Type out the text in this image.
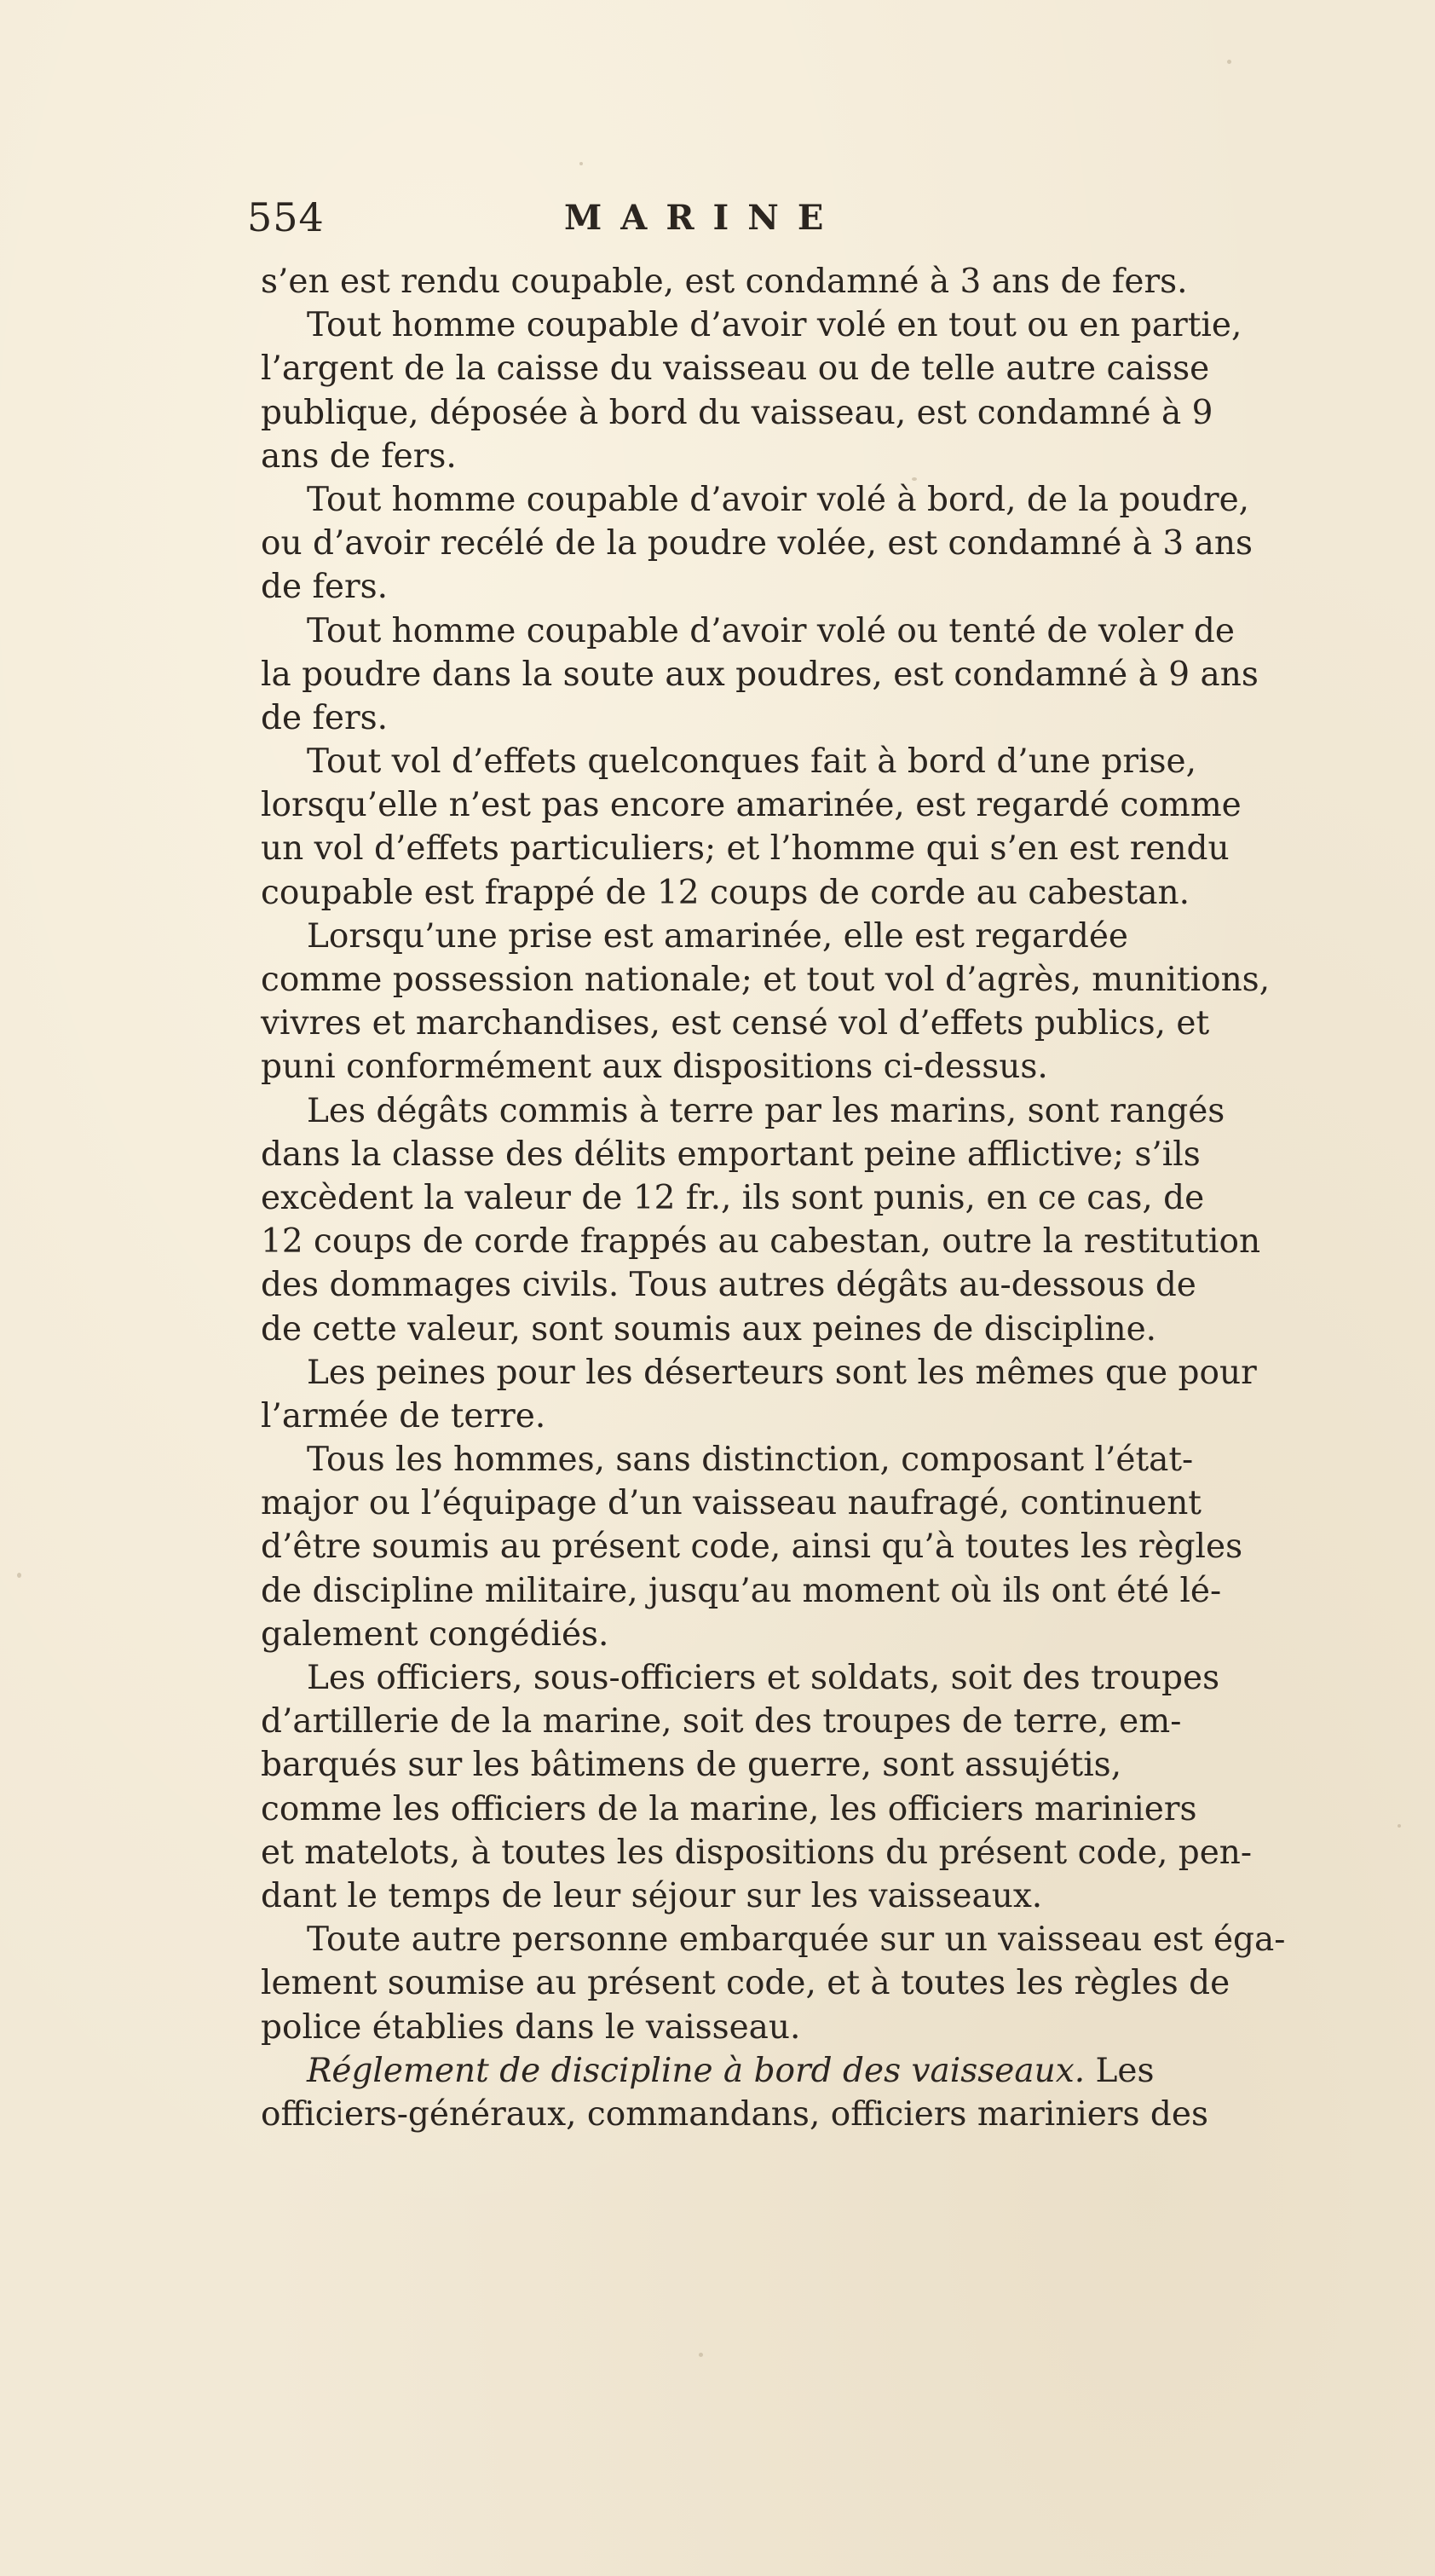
554	MARINE
s’en est rendu coupable, est condamné à 3 ans de fers.
Tout homme coupable d’avoir volé en tout ou en partie,
l’argent de la caisse du vaisseau ou de telle autre caisse
publique, déposée à bord du vaisseau, est condamné à 9
ans de fers.
Tout homme coupable d’avoir volé à bord, de la poudre,
ou d’avoir recélé de la poudre volée, est condamné à 3 ans
de fers.
Tout homme coupable d’avoir volé ou tenté de voler de
la poudre dans la soute aux poudres, est condamné à 9 ans
de fers.
Tout vol d’effets quelconques fait à bord d’une prise,
lorsqu’elle n’est pas encore amarinée, est regardé comme
un vol d’effets particuliers; et l’homme qui s’en est rendu
coupable est frappé de 12 coups de corde au cabestan.
Lorsqu’une prise est amarinée, elle est regardée
comme possession nationale; et tout vol d’agrès, munitions,
vivres et marchandises, est censé vol d’effets publics, et
puni conformément aux dispositions ci-dessus.
Les dégâts commis à terre par les marins, sont rangés
dans la classe des délits emportant peine afflictive; s’ils
excèdent la valeur de 12 fr., ils sont punis, en ce cas, de
12 coups de corde frappés au cabestan, outre la restitution
des dommages civils. Tous autres dégâts au-dessous de
de cette valeur, sont soumis aux peines de discipline.
Les peines pour les déserteurs sont les mêmes que pour
l’armée de terre.
Tous les hommes, sans distinction, composant l’état-
major ou l’équipage d’un vaisseau naufragé, continuent
d’être soumis au présent code, ainsi qu’à toutes les règles
de discipline militaire, jusqu’au moment où ils ont été lé-
galement congédiés.
Les officiers, sous-officiers et soldats, soit des troupes
d’artillerie de la marine, soit des troupes de terre, em-
barqués sur les bâtimens de guerre, sont assujétis,
comme les officiers de la marine, les officiers mariniers
et matelots, à toutes les dispositions du présent code, pen-
dant le temps de leur séjour sur les vaisseaux.
Toute autre personne embarquée sur un vaisseau est éga-
lement soumise au présent code, et à toutes les règles de
police établies dans le vaisseau.
Réglement de discipline à bord des vaisseaux. Les
officiers-généraux, commandans, officiers mariniers des
